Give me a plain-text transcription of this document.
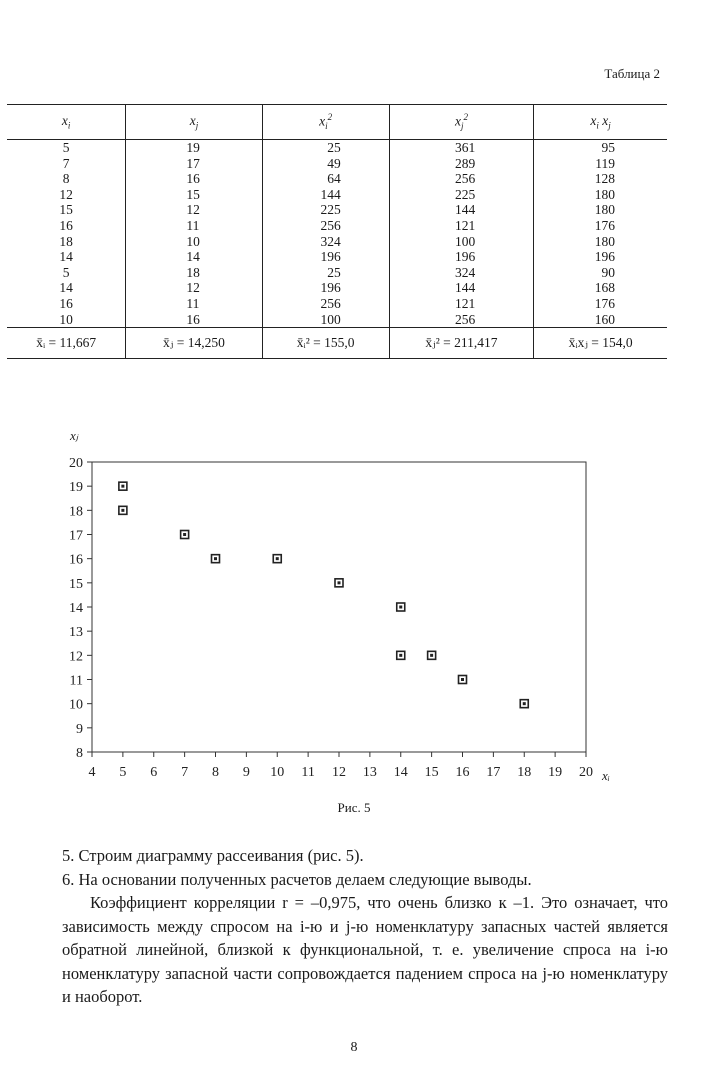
Таблица 2
$x_i$	$x_j$	$x_i^2$	$x_j^2$	$x_i$ $x_j$
5	19	25	361	95
7	17	49	289	119
8	16	64	256	128
12	15	144	225	180
15	12	225	144	180
16	11	256	121	176
18	10	324	100	180
14	14	196	196	196
5	18	25	324	90
14	12	196	144	168
16	11	256	121	176
10	16	100	256	160
x̄ᵢ = 11,667	x̄ⱼ = 14,250	x̄ᵢ² = 155,0	x̄ⱼ² = 211,417	x̄ᵢxⱼ = 154,0
8
9
10
11
12
13
14
15
16
17
18
19
20
4 5 6 7 8 9 10 11 12 13 14 15 16 17 18 19 20
xⱼ
xᵢ
Рис. 5

5. Строим диаграмму рассеивания (рис. 5).

6. На основании полученных расчетов делаем следующие выводы.

Коэффициент корреляции r = –0,975, что очень близко к –1. Это означает, что зависимость между спросом на i-ю и j-ю номенклатуру запасных частей является обратной линейной, близкой к функциональной, т. е. увеличение спроса на i-ю номенклатуру запасной части сопровождается падением спроса на j-ю номенклатуру и наоборот.

8
